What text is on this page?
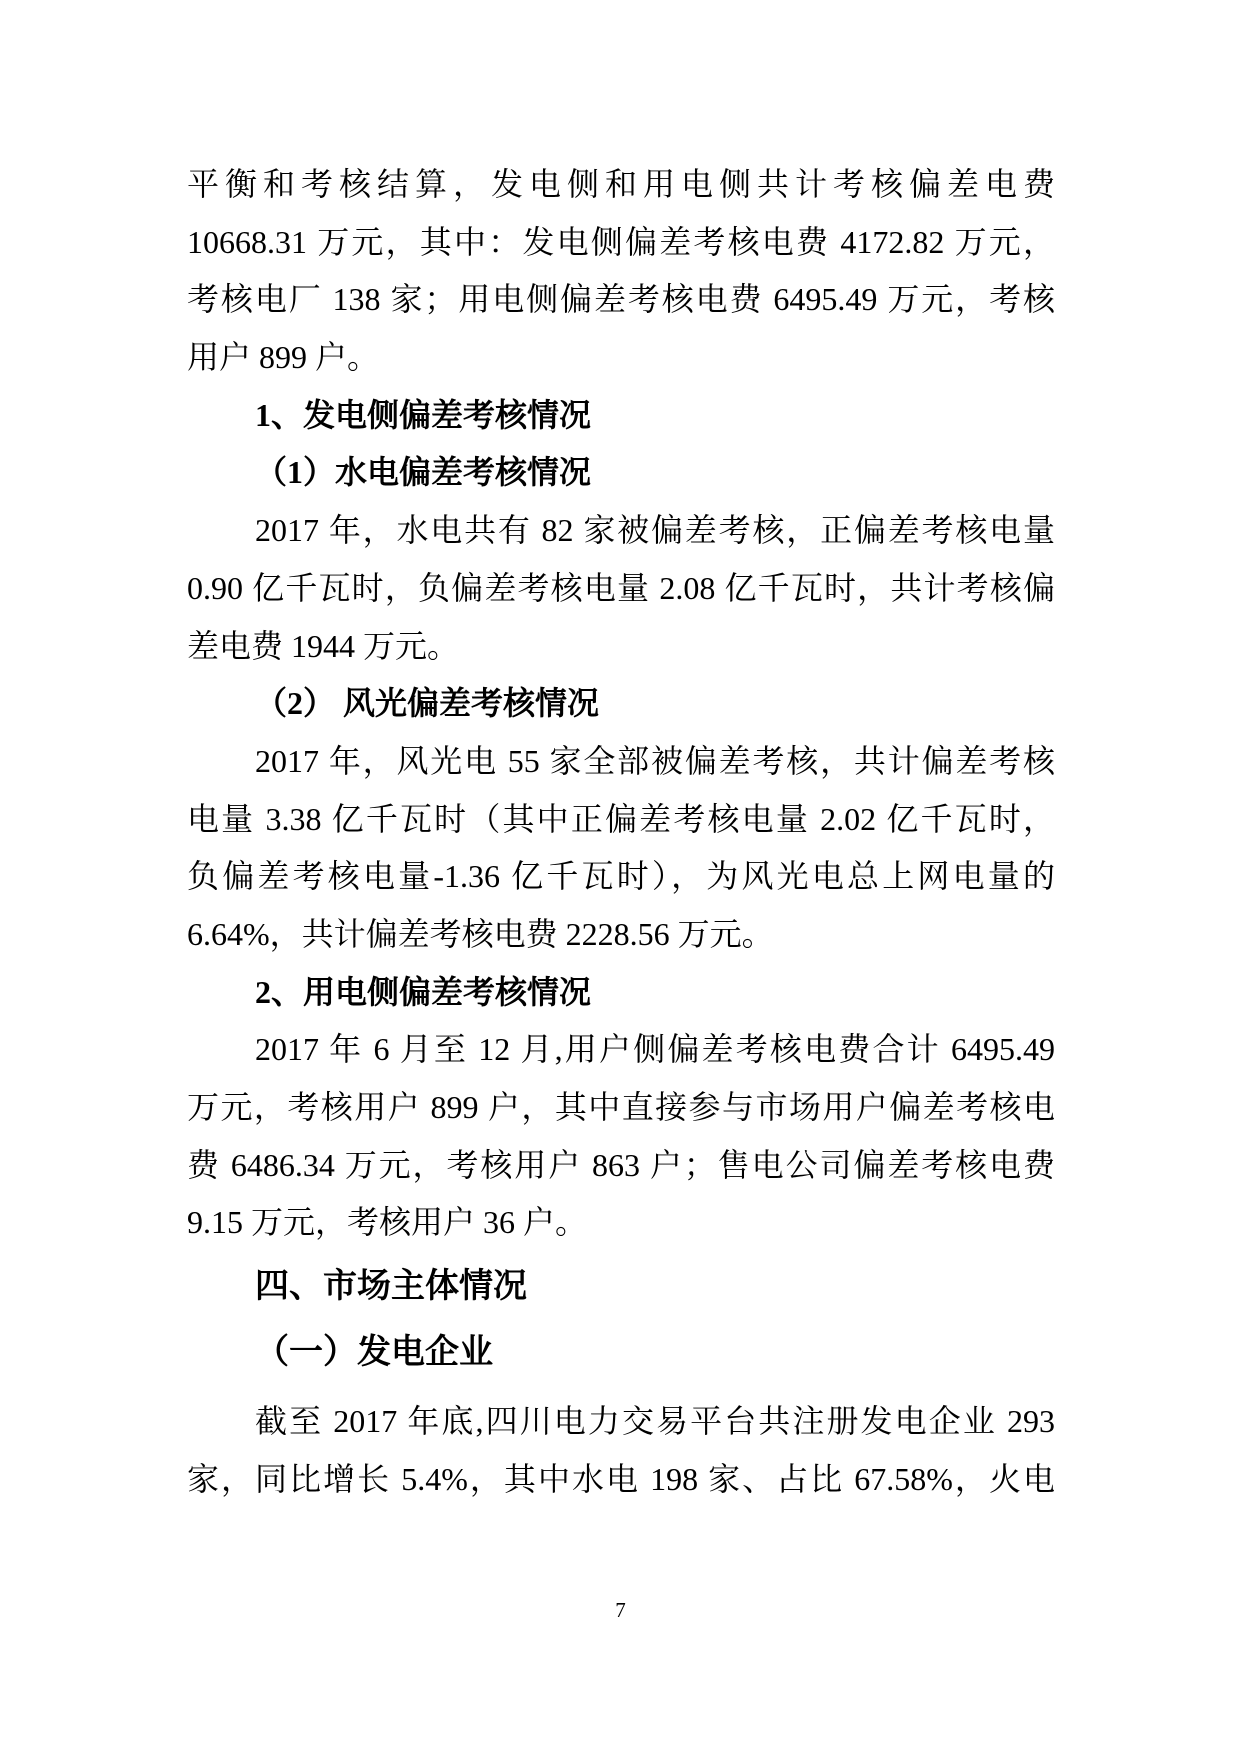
平衡和考核结算，发电侧和用电侧共计考核偏差电费
10668.31 万元，其中：发电侧偏差考核电费 4172.82 万元，
考核电厂 138 家；用电侧偏差考核电费 6495.49 万元，考核
用户 899 户。
1、发电侧偏差考核情况
（1）水电偏差考核情况
2017 年，水电共有 82 家被偏差考核，正偏差考核电量
0.90 亿千瓦时，负偏差考核电量 2.08 亿千瓦时，共计考核偏
差电费 1944 万元。
（2） 风光偏差考核情况
2017 年，风光电 55 家全部被偏差考核，共计偏差考核
电量 3.38 亿千瓦时（其中正偏差考核电量 2.02 亿千瓦时，
负偏差考核电量-1.36 亿千瓦时），为风光电总上网电量的
6.64%，共计偏差考核电费 2228.56 万元。
2、用电侧偏差考核情况
2017 年 6 月至 12 月,用户侧偏差考核电费合计 6495.49
万元，考核用户 899 户，其中直接参与市场用户偏差考核电
费 6486.34 万元，考核用户 863 户；售电公司偏差考核电费
9.15 万元，考核用户 36 户。
四、市场主体情况
（一）发电企业
截至 2017 年底,四川电力交易平台共注册发电企业 293
家，同比增长 5.4%，其中水电 198 家、占比 67.58%，火电
7
